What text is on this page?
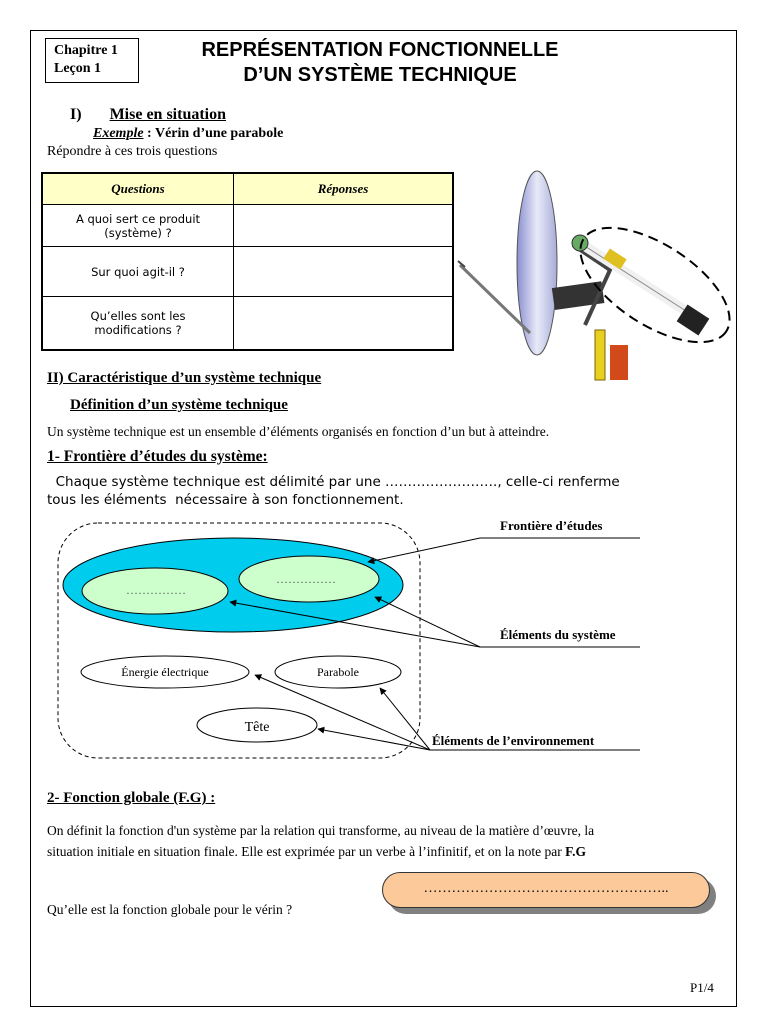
Chapitre 1
Leçon 1
REPRÉSENTATION FONCTIONNELLE
D’UN SYSTÈME TECHNIQUE
I) Mise en situation
Exemple : Vérin d’une parabole
Répondre à ces trois questions
Questions	Réponses
A quoi sert ce produit
(système) ?	
Sur quoi agit-il ?	
Qu’elles sont les
modifications ?	
II) Caractéristique d’un système technique
Définition d’un système technique
Un système technique est un ensemble d’éléments organisés en fonction d’un but à atteindre.
1- Frontière d’études du système:
Chaque système technique est délimité par une ……………………., celle-ci renferme
tous les éléments  nécessaire à son fonctionnement.
……………
……………
Énergie électrique	Parabole
Tête
Frontière d’études
Éléments du système
Éléments de l’environnement
2- Fonction globale (F.G) :
On définit la fonction d'un système par la relation qui transforme, au niveau de la matière d’œuvre, la
situation initiale en situation finale. Elle est exprimée par un verbe à l’infinitif, et on la note par F.G
……………………………………………..
Qu’elle est la fonction globale pour le vérin ?
P1/4
